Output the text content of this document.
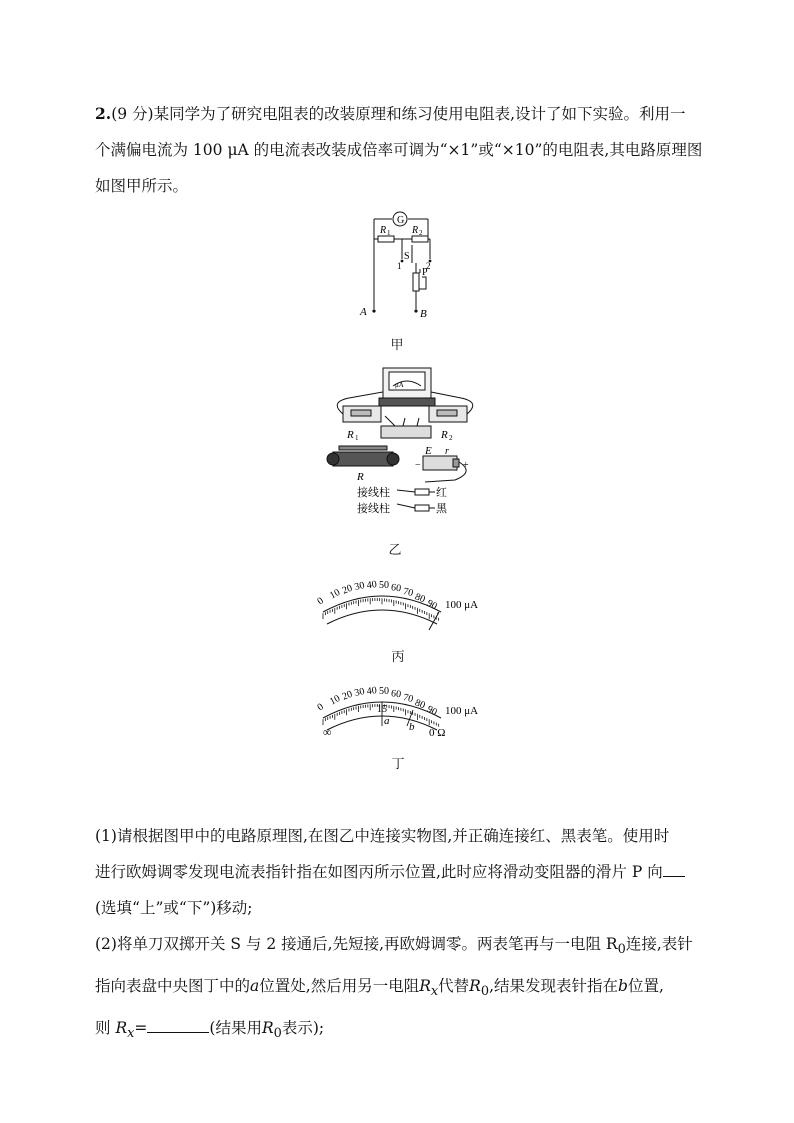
2.(9 分)某同学为了研究电阻表的改装原理和练习使用电阻表,设计了如下实验。利用一
个满偏电流为 100 μA 的电流表改装成倍率可调为“×1”或“×10”的电阻表,其电路原理图
如图甲所示。
G
R 1 R 2
S
1	2
P
A	B
甲
μA
R 1	R 2
R
E r
−	+
接线柱
接线柱
红
黑
乙
0 10
20 30 40 50 60 70 80
90 100 μA
丙
0 10
20 30 40 50 60 70 80
90
15
a b
∞	0 Ω
100 μA
丁
(1)请根据图甲中的电路原理图,在图乙中连接实物图,并正确连接红、黑表笔。使用时
进行欧姆调零发现电流表指针指在如图丙所示位置,此时应将滑动变阻器的滑片 P 向
(选填“上”或“下”)移动;
(2)将单刀双掷开关 S 与 2 接通后,先短接,再欧姆调零。两表笔再与一电阻 $R_0$连接,表针
指向表盘中央图丁中的a位置处,然后用另一电阻$R_x$代替$R_0$,结果发现表针指在b位置,
则 $R_x=$	(结果用$R_0$表示);
